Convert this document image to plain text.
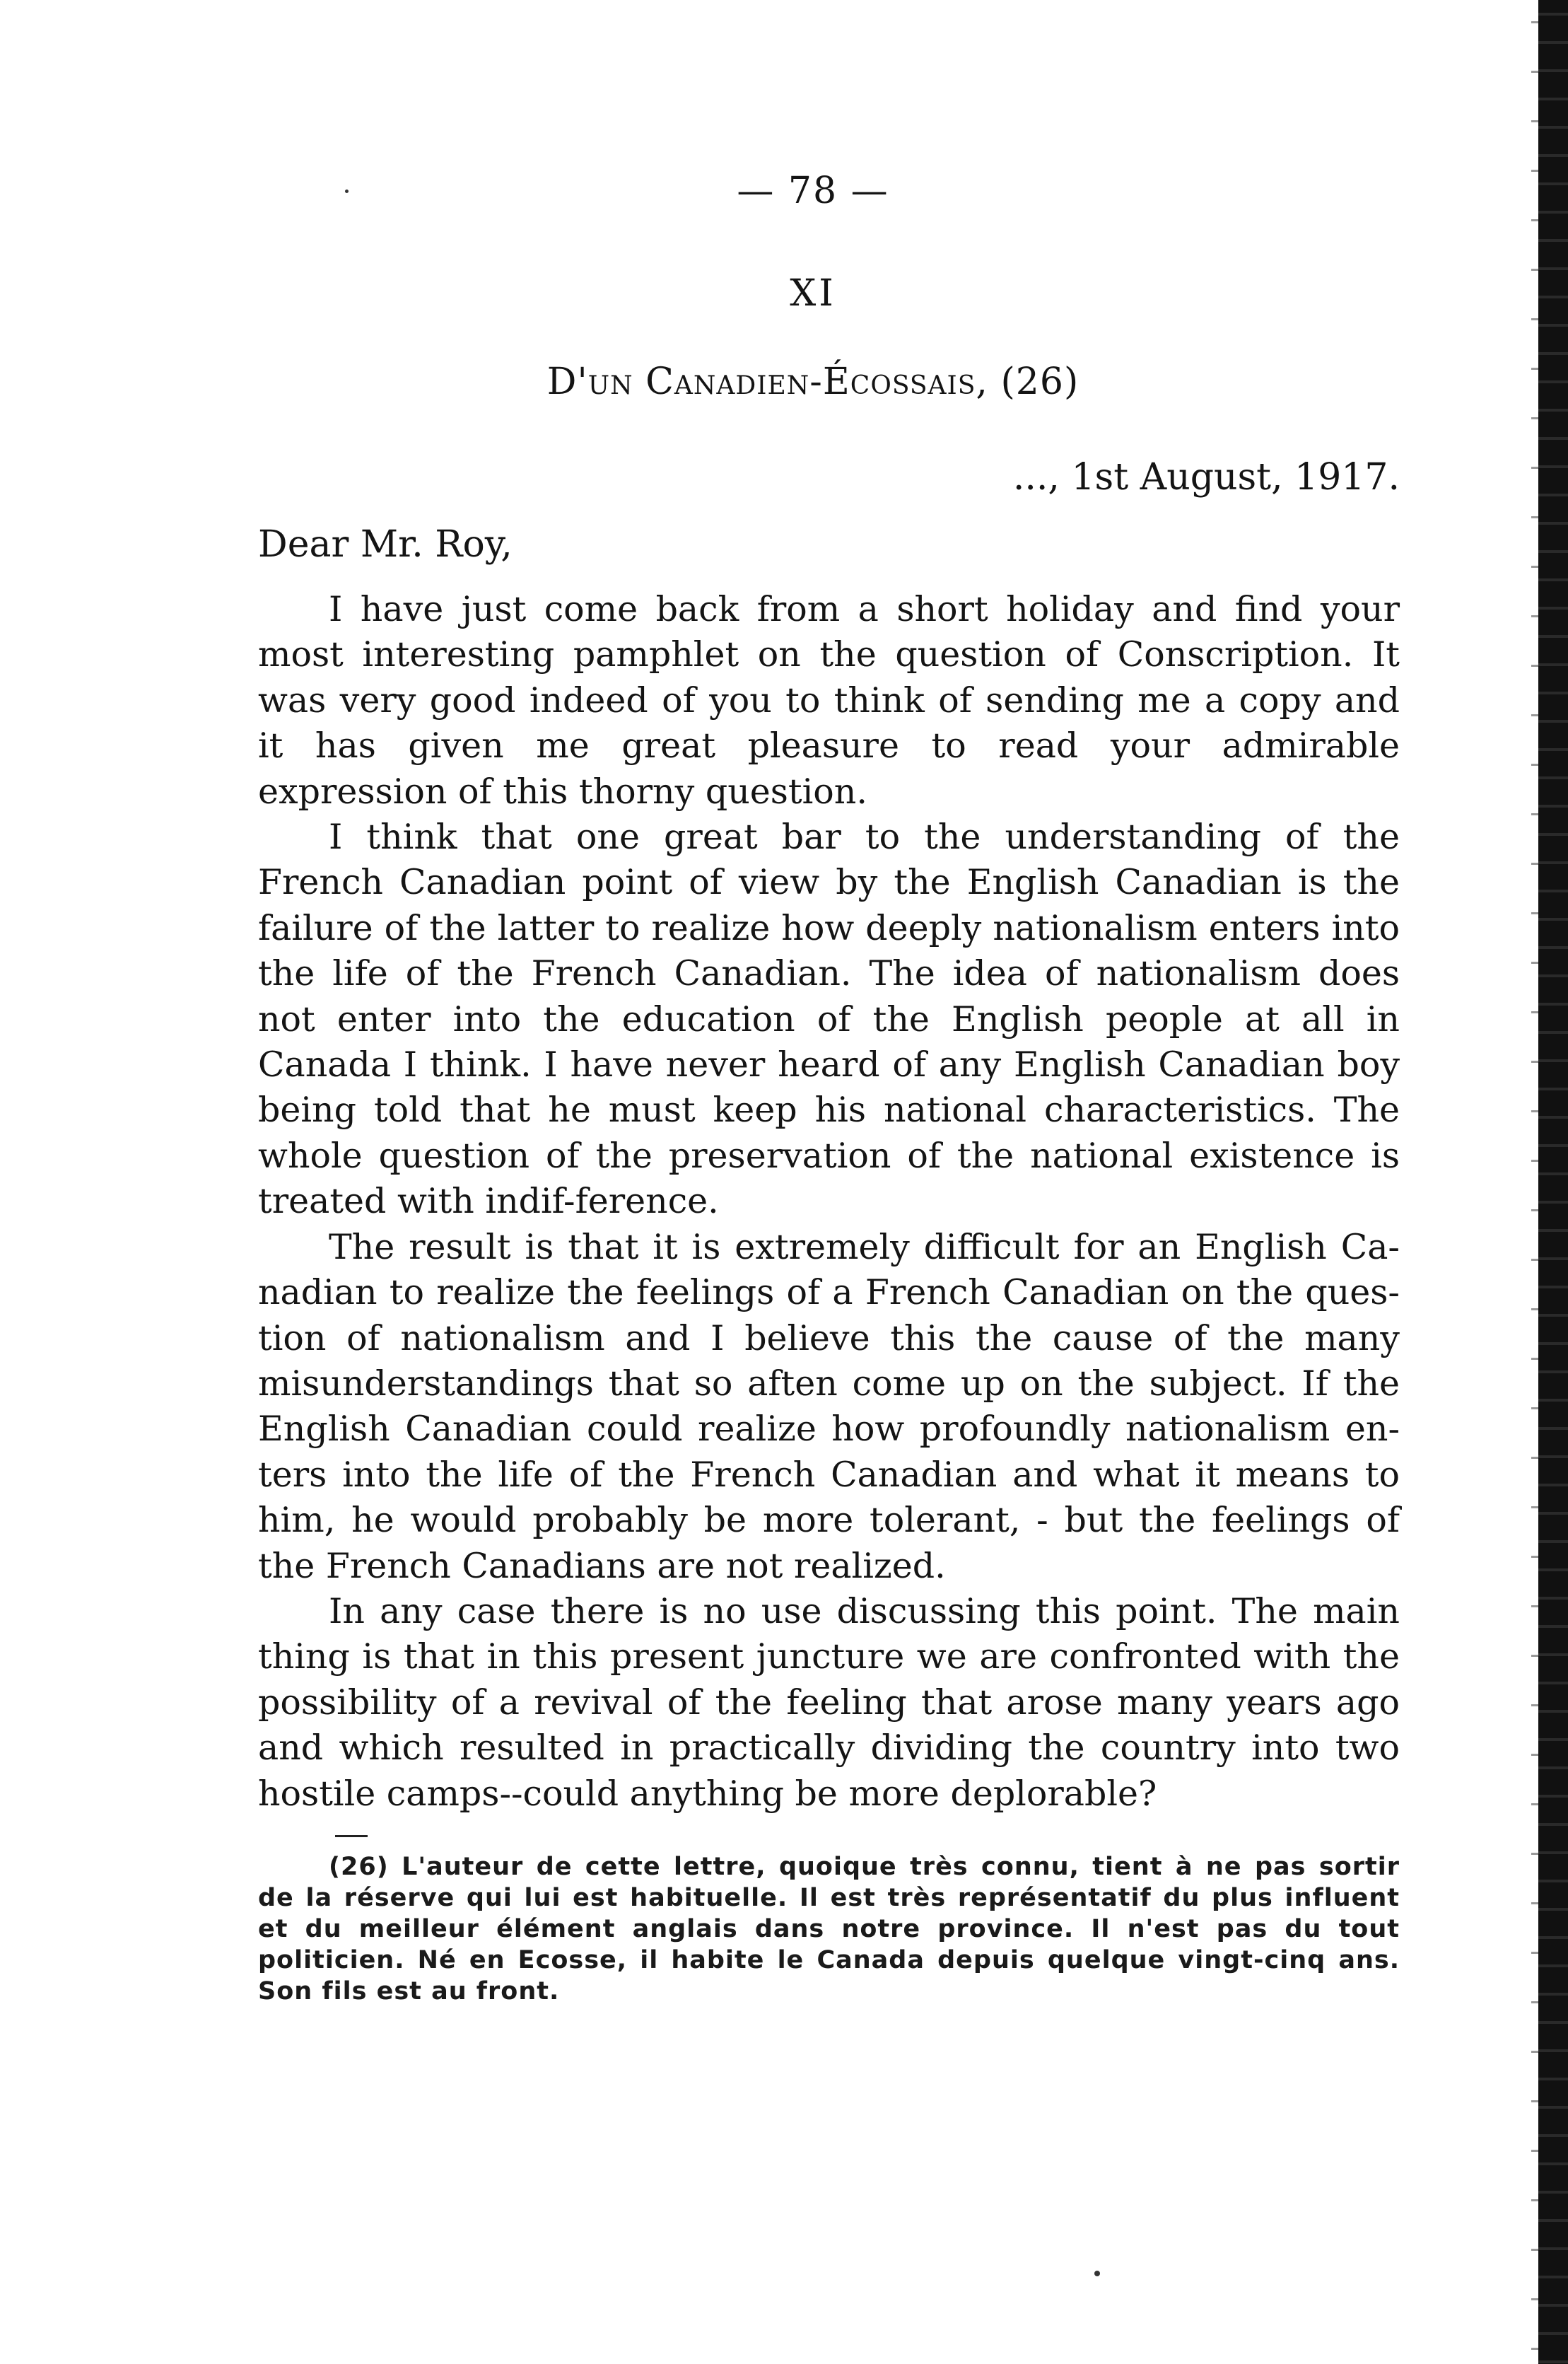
— 78 —
XI
D'un Canadien-Écossais, (26)
..., 1st August, 1917.
Dear Mr. Roy,

I have just come back from a short holiday and find your most interesting pamphlet on the question of Conscription. It was very good indeed of you to think of sending me a copy and it has given me great pleasure to read your admirable expression of this thorny question.

I think that one great bar to the understanding of the French Canadian point of view by the English Canadian is the failure of the latter to realize how deeply nationalism enters into the life of the French Canadian. The idea of nationalism does not enter into the education of the English people at all in Canada I think. I have never heard of any English Canadian boy being told that he must keep his national characteristics. The whole question of the preservation of the national existence is treated with indif-ference.

The result is that it is extremely difficult for an English Ca-nadian to realize the feelings of a French Canadian on the ques-tion of nationalism and I believe this the cause of the many misunderstandings that so aften come up on the subject. If the English Canadian could realize how profoundly nationalism en-ters into the life of the French Canadian and what it means to him, he would probably be more tolerant, - but the feelings of the French Canadians are not realized.

In any case there is no use discussing this point. The main thing is that in this present juncture we are confronted with the possibility of a revival of the feeling that arose many years ago and which resulted in practically dividing the country into two hostile camps--could anything be more deplorable?

(26) L'auteur de cette lettre, quoique très connu, tient à ne pas sortir de la réserve qui lui est habituelle. Il est très représentatif du plus influent et du meilleur élément anglais dans notre province. Il n'est pas du tout politicien. Né en Ecosse, il habite le Canada depuis quelque vingt-cinq ans. Son fils est au front.
